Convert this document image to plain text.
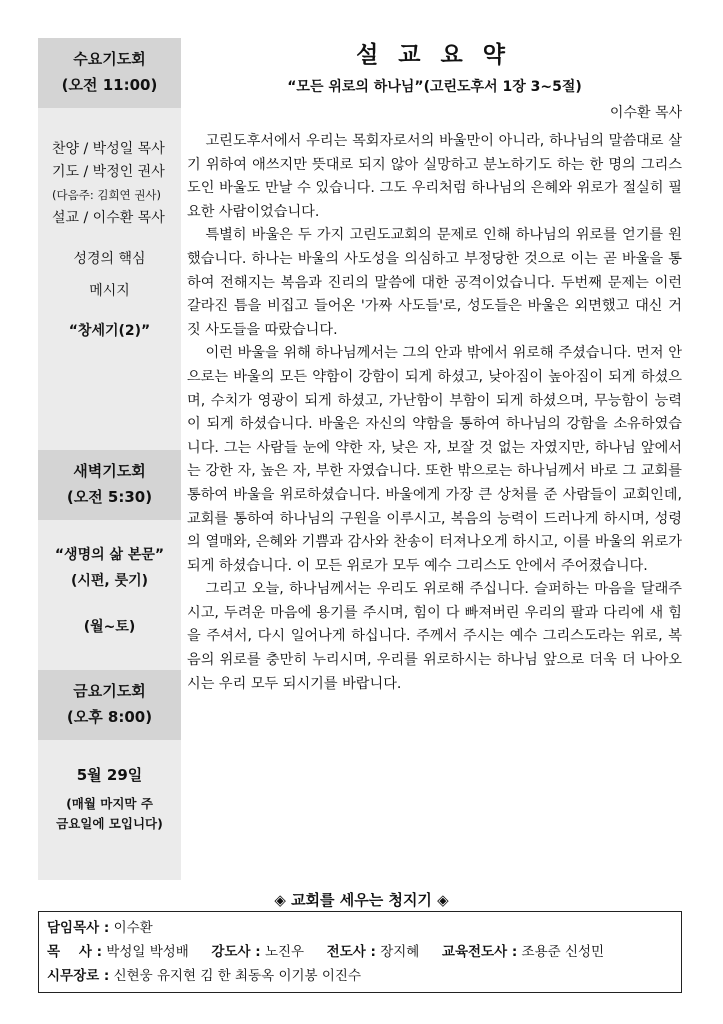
수요기도회
(오전 11:00)
찬양 / 박성일 목사
기도 / 박정인 권사
(다음주: 김희연 권사)
설교 / 이수환 목사
성경의 핵심
메시지
“창세기(2)”
새벽기도회
(오전 5:30)
“생명의 삶 본문”
(시편, 룻기)
(월~토)
금요기도회
(오후 8:00)
5월 29일
(매월 마지막 주
금요일에 모입니다)
설교요약
“모든 위로의 하나님”(고린도후서 1장 3~5절)
이수환 목사

고린도후서에서 우리는 목회자로서의 바울만이 아니라, 하나님의 말씀대로 살기 위하여 애쓰지만 뜻대로 되지 않아 실망하고 분노하기도 하는 한 명의 그리스도인 바울도 만날 수 있습니다. 그도 우리처럼 하나님의 은혜와 위로가 절실히 필요한 사람이었습니다.

특별히 바울은 두 가지 고린도교회의 문제로 인해 하나님의 위로를 얻기를 원했습니다. 하나는 바울의 사도성을 의심하고 부정당한 것으로 이는 곧 바울을 통하여 전해지는 복음과 진리의 말씀에 대한 공격이었습니다. 두번째 문제는 이런 갈라진 틈을 비집고 들어온 '가짜 사도들'로, 성도들은 바울은 외면했고 대신 거짓 사도들을 따랐습니다.

이런 바울을 위해 하나님께서는 그의 안과 밖에서 위로해 주셨습니다. 먼저 안으로는 바울의 모든 약함이 강함이 되게 하셨고, 낮아짐이 높아짐이 되게 하셨으며, 수치가 영광이 되게 하셨고, 가난함이 부함이 되게 하셨으며, 무능함이 능력이 되게 하셨습니다. 바울은 자신의 약함을 통하여 하나님의 강함을 소유하였습니다. 그는 사람들 눈에 약한 자, 낮은 자, 보잘 것 없는 자였지만, 하나님 앞에서는 강한 자, 높은 자, 부한 자였습니다. 또한 밖으로는 하나님께서 바로 그 교회를 통하여 바울을 위로하셨습니다. 바울에게 가장 큰 상처를 준 사람들이 교회인데, 교회를 통하여 하나님의 구원을 이루시고, 복음의 능력이 드러나게 하시며, 성령의 열매와, 은혜와 기쁨과 감사와 찬송이 터져나오게 하시고, 이를 바울의 위로가 되게 하셨습니다. 이 모든 위로가 모두 예수 그리스도 안에서 주어졌습니다.

그리고 오늘, 하나님께서는 우리도 위로해 주십니다. 슬퍼하는 마음을 달래주시고, 두려운 마음에 용기를 주시며, 힘이 다 빠져버린 우리의 팔과 다리에 새 힘을 주셔서, 다시 일어나게 하십니다. 주께서 주시는 예수 그리스도라는 위로, 복음의 위로를 충만히 누리시며, 우리를 위로하시는 하나님 앞으로 더욱 더 나아오시는 우리 모두 되시기를 바랍니다.

◈ 교회를 세우는 청지기 ◈
담임목사 : 이수환
목    사 : 박성일 박성배 강도사 : 노진우 전도사 : 장지혜 교육전도사 : 조용준 신성민
시무장로 : 신현웅 유지현 김 한 최동옥 이기봉 이진수
